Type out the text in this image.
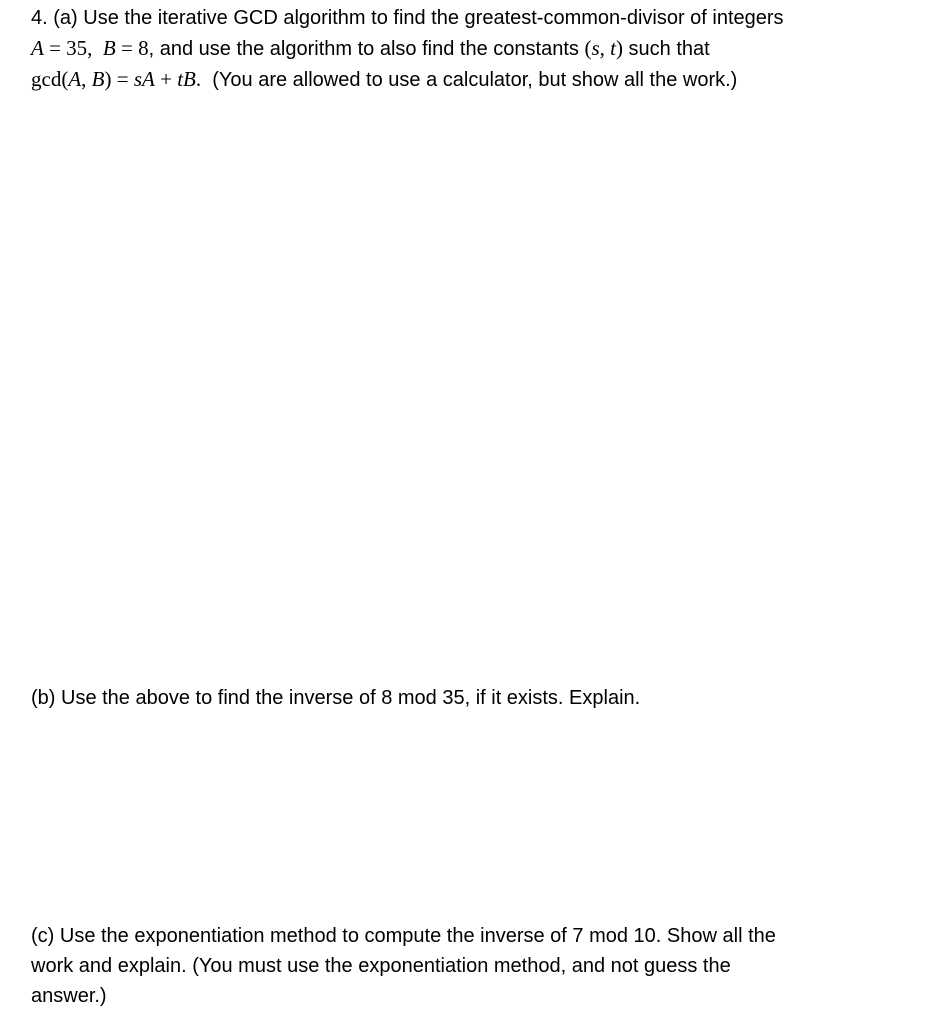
4. (a) Use the iterative GCD algorithm to find the greatest-common-divisor of integers
A = 35,  B = 8, and use the algorithm to also find the constants (s, t) such that
gcd(A, B) = sA + tB. (You are allowed to use a calculator, but show all the work.)
(b) Use the above to find the inverse of 8 mod 35, if it exists. Explain.
(c) Use the exponentiation method to compute the inverse of 7 mod 10. Show all the
work and explain. (You must use the exponentiation method, and not guess the
answer.)
